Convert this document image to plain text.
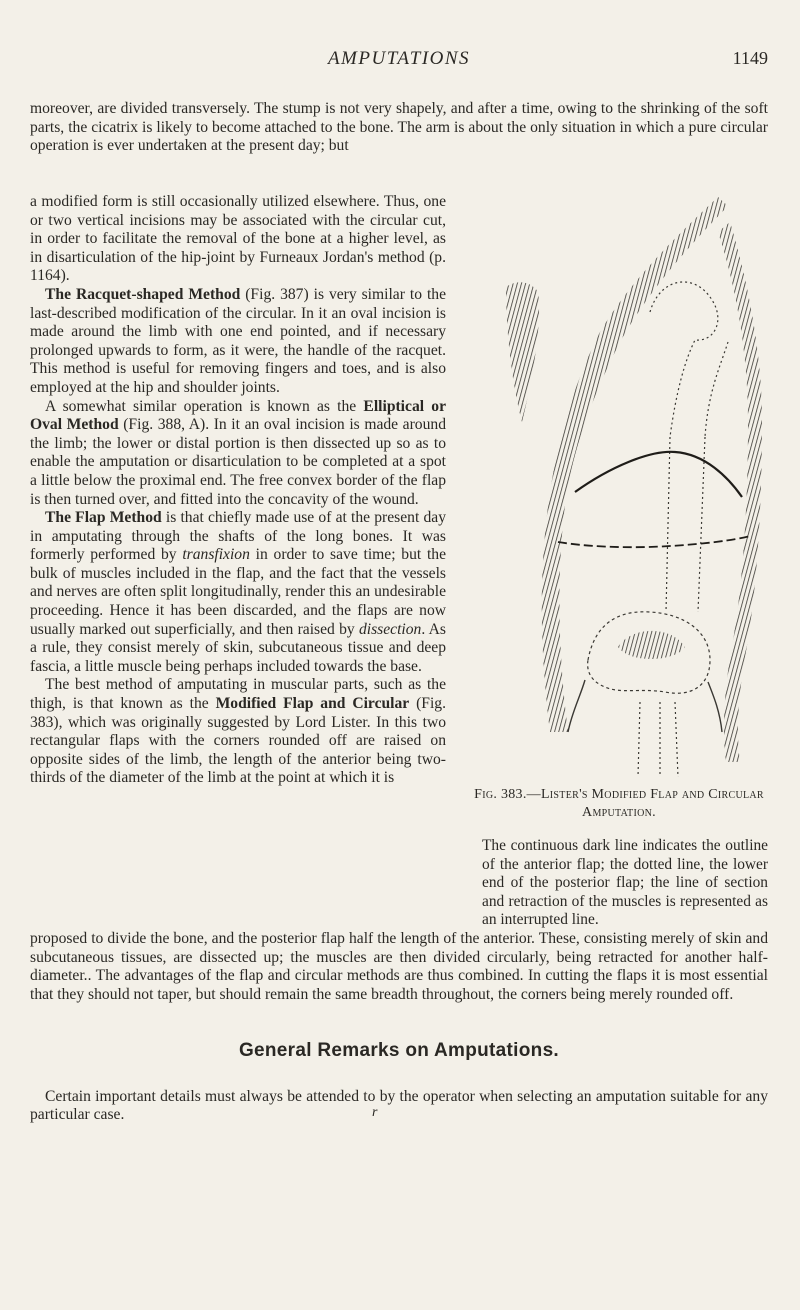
AMPUTATIONS	1149

moreover, are divided transversely. The stump is not very shapely, and after a time, owing to the shrinking of the soft parts, the cicatrix is likely to become attached to the bone. The arm is about the only situation in which a pure circular operation is ever undertaken at the present day; but

a modified form is still occasionally utilized elsewhere. Thus, one or two vertical incisions may be associated with the circular cut, in order to facilitate the removal of the bone at a higher level, as in disarticulation of the hip-joint by Furneaux Jordan's method (p. 1164).

The Racquet-shaped Method (Fig. 387) is very similar to the last-described modification of the circular. In it an oval incision is made around the limb with one end pointed, and if necessary prolonged upwards to form, as it were, the handle of the racquet. This method is useful for removing fingers and toes, and is also employed at the hip and shoulder joints.

A somewhat similar operation is known as the Elliptical or Oval Method (Fig. 388, A). In it an oval incision is made around the limb; the lower or distal portion is then dissected up so as to enable the amputation or disarticulation to be completed at a spot a little below the proximal end. The free convex border of the flap is then turned over, and fitted into the concavity of the wound.

The Flap Method is that chiefly made use of at the present day in amputating through the shafts of the long bones. It was formerly performed by transfixion in order to save time; but the bulk of muscles included in the flap, and the fact that the vessels and nerves are often split longitudinally, render this an undesirable proceeding. Hence it has been discarded, and the flaps are now usually marked out superficially, and then raised by dissection. As a rule, they consist merely of skin, subcutaneous tissue and deep fascia, a little muscle being perhaps included towards the base.

The best method of amputating in muscular parts, such as the thigh, is that known as the Modified Flap and Circular (Fig. 383), which was originally suggested by Lord Lister. In this two rectangular flaps with the corners rounded off are raised on opposite sides of the limb, the length of the anterior being two-thirds of the diameter of the limb at the point at which it is

Fig. 383.—Lister's Modified Flap and Circular
Amputation.
The continuous dark line indicates the outline of the anterior flap; the dotted line, the lower end of the posterior flap; the line of section and retraction of the muscles is represented as an interrupted line.

proposed to divide the bone, and the posterior flap half the length of the anterior. These, consisting merely of skin and subcutaneous tissues, are dissected up; the muscles are then divided circularly, being retracted for another half-diameter.. The advantages of the flap and circular methods are thus combined. In cutting the flaps it is most essential that they should not taper, but should remain the same breadth throughout, the corners being merely rounded off.

General Remarks on Amputations.

Certain important details must always be attended to by the operator when selecting an amputation suitable for any particular case.	r
